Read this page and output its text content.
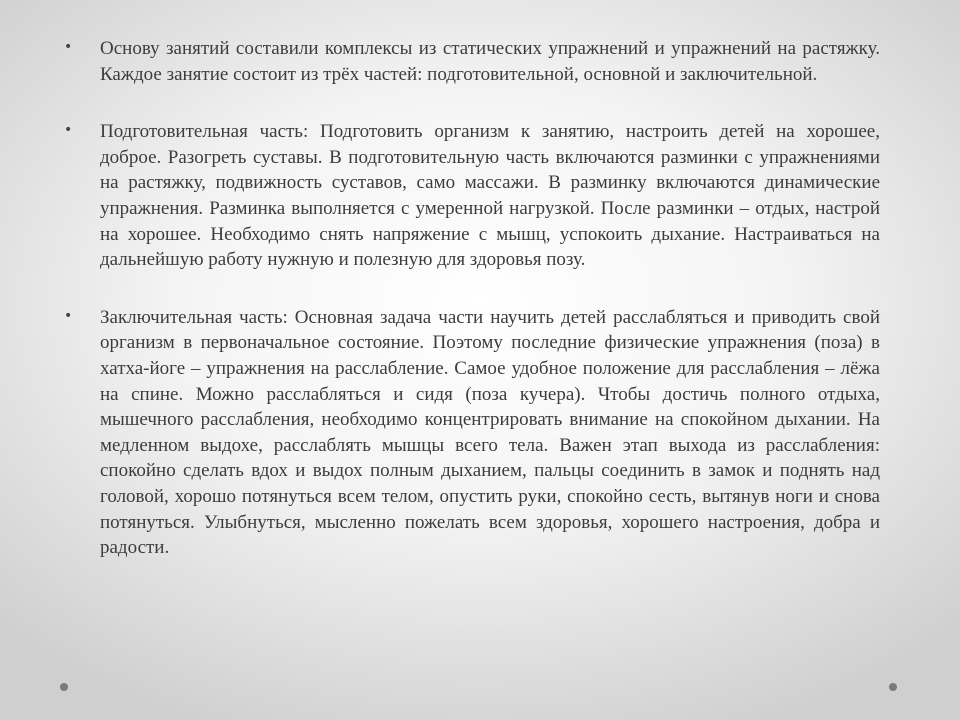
• Основу занятий составили комплексы из статических упражнений и упражнений на растяжку. Каждое занятие состоит из трёх частей: подготовительной, основной и заключительной.
• Подготовительная часть: Подготовить организм к занятию, настроить детей на хорошее, доброе. Разогреть суставы. В подготовительную часть включаются разминки с упражнениями на растяжку, подвижность суставов, само массажи. В разминку включаются динамические упражнения. Разминка выполняется с умеренной нагрузкой. После разминки – отдых, настрой на хорошее. Необходимо снять напряжение с мышц, успокоить дыхание. Настраиваться на дальнейшую работу нужную и полезную для здоровья позу.
• Заключительная часть: Основная задача части научить детей расслабляться и приводить свой организм в первоначальное состояние. Поэтому последние физические упражнения (поза) в хатха-йоге – упражнения на расслабление. Самое удобное положение для расслабления – лёжа на спине. Можно расслабляться и сидя (поза кучера). Чтобы достичь полного отдыха, мышечного расслабления, необходимо концентрировать внимание на спокойном дыхании. На медленном выдохе, расслаблять мышцы всего тела. Важен этап выхода из расслабления: спокойно сделать вдох и выдох полным дыханием, пальцы соединить в замок и поднять над головой, хорошо потянуться всем телом, опустить руки, спокойно сесть, вытянув ноги и снова потянуться. Улыбнуться, мысленно пожелать всем здоровья, хорошего настроения, добра и радости.
